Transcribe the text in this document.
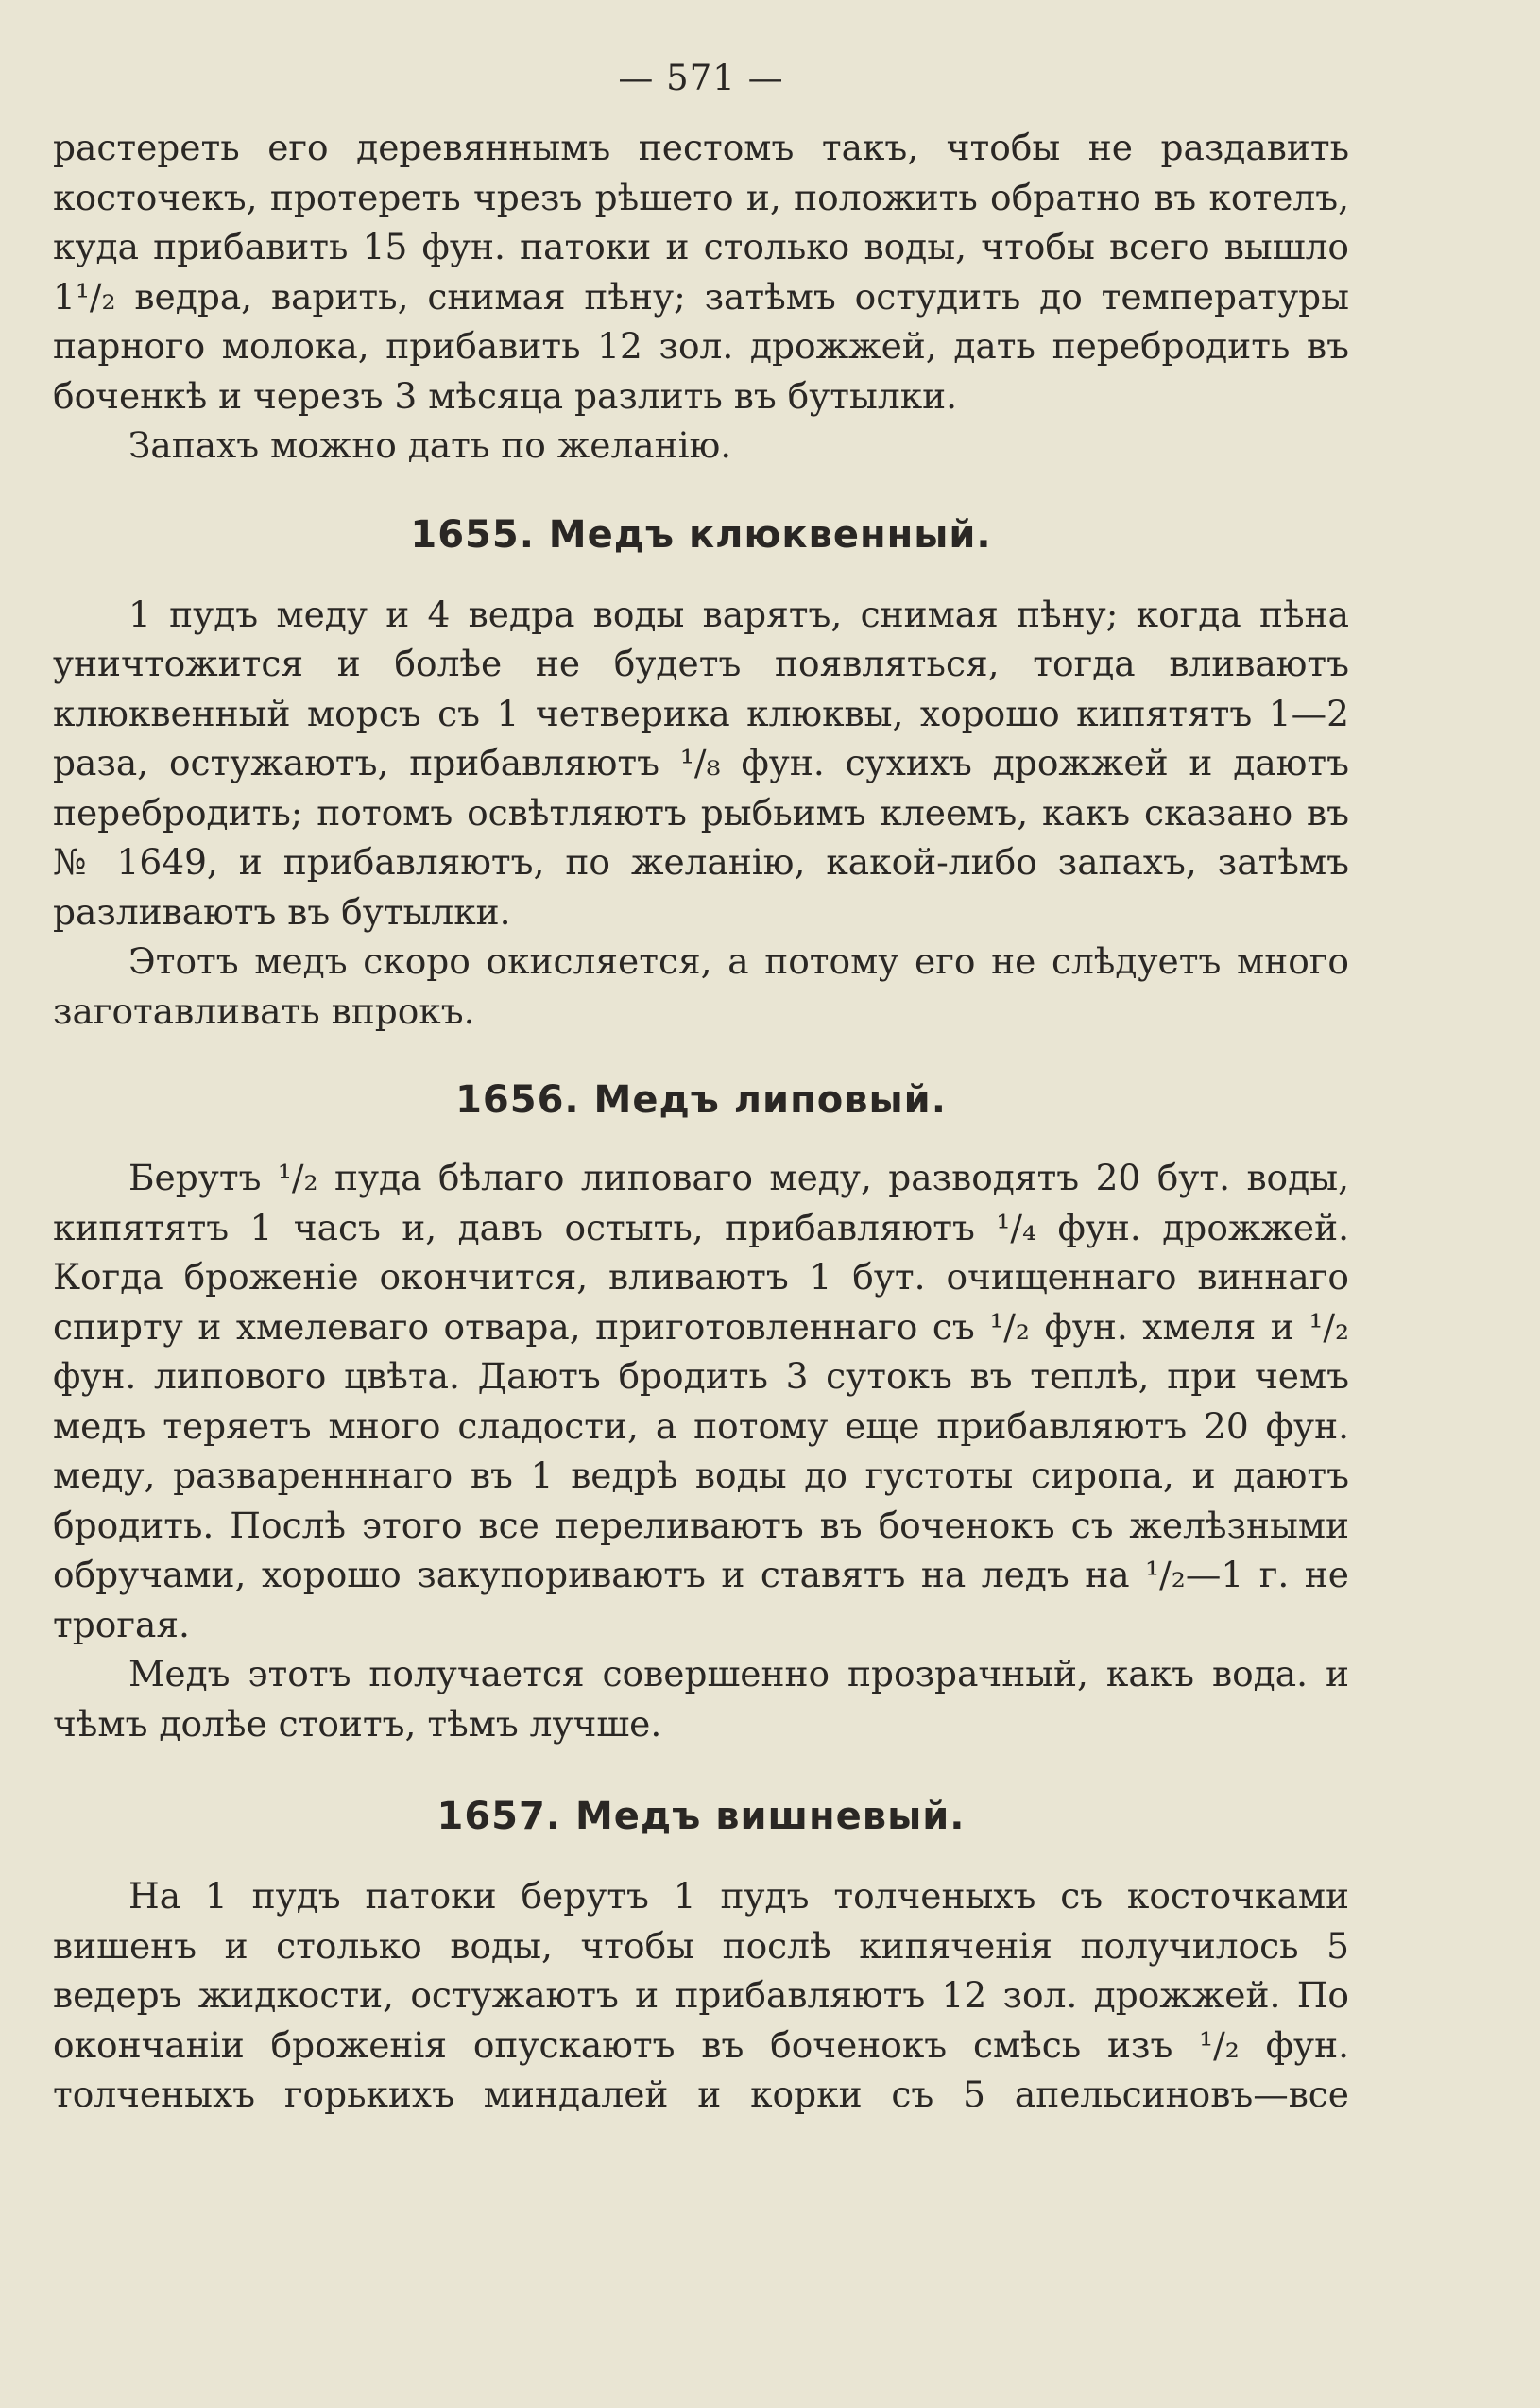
— 571 —

растереть его деревяннымъ пестомъ такъ, чтобы не раздавить косточекъ, протереть чрезъ рѣшето и, положить обратно въ котелъ, куда прибавить 15 фун. патоки и столько воды, чтобы всего вышло 1¹/₂ ведра, варить, снимая пѣну; затѣмъ остудить до температуры парного молока, прибавить 12 зол. дрожжей, дать перебродить въ боченкѣ и черезъ 3 мѣсяца разлить въ бутылки.

Запахъ можно дать по желанію.

1655. Медъ клюквенный.

1 пудъ меду и 4 ведра воды варятъ, снимая пѣну; когда пѣна уничтожится и болѣе не будетъ появляться, тогда вливаютъ клюквенный морсъ съ 1 четверика клюквы, хорошо кипятятъ 1—2 раза, остужаютъ, прибавляютъ ¹/₈ фун. сухихъ дрожжей и даютъ перебродить; потомъ освѣтляютъ рыбьимъ клеемъ, какъ сказано въ № 1649, и прибавляютъ, по желанію, какой-либо запахъ, затѣмъ разливаютъ въ бутылки.

Этотъ медъ скоро окисляется, а потому его не слѣдуетъ много заготавливать впрокъ.

1656. Медъ липовый.

Берутъ ¹/₂ пуда бѣлаго липоваго меду, разводятъ 20 бут. воды, кипятятъ 1 часъ и, давъ остыть, прибавляютъ ¹/₄ фун. дрожжей. Когда броженіе окончится, вливаютъ 1 бут. очищеннаго виннаго спирту и хмелеваго отвара, приготовленнаго съ ¹/₂ фун. хмеля и ¹/₂ фун. липового цвѣта. Даютъ бродить 3 сутокъ въ теплѣ, при чемъ медъ теряетъ много сладости, а потому еще прибавляютъ 20 фун. меду, разваренннаго въ 1 ведрѣ воды до густоты сиропа, и даютъ бродить. Послѣ этого все переливаютъ въ боченокъ съ желѣзными обручами, хорошо закупориваютъ и ставятъ на ледъ на ¹/₂—1 г. не трогая.

Медъ этотъ получается совершенно прозрачный, какъ вода. и чѣмъ долѣе стоитъ, тѣмъ лучше.

1657. Медъ вишневый.

На 1 пудъ патоки берутъ 1 пудъ толченыхъ съ косточками вишенъ и столько воды, чтобы послѣ кипяченія получилось 5 ведеръ жидкости, остужаютъ и прибавляютъ 12 зол. дрожжей. По окончаніи броженія опускаютъ въ боченокъ смѣсь изъ ¹/₂ фун. толченыхъ горькихъ миндалей и корки съ 5 апельсиновъ—все
